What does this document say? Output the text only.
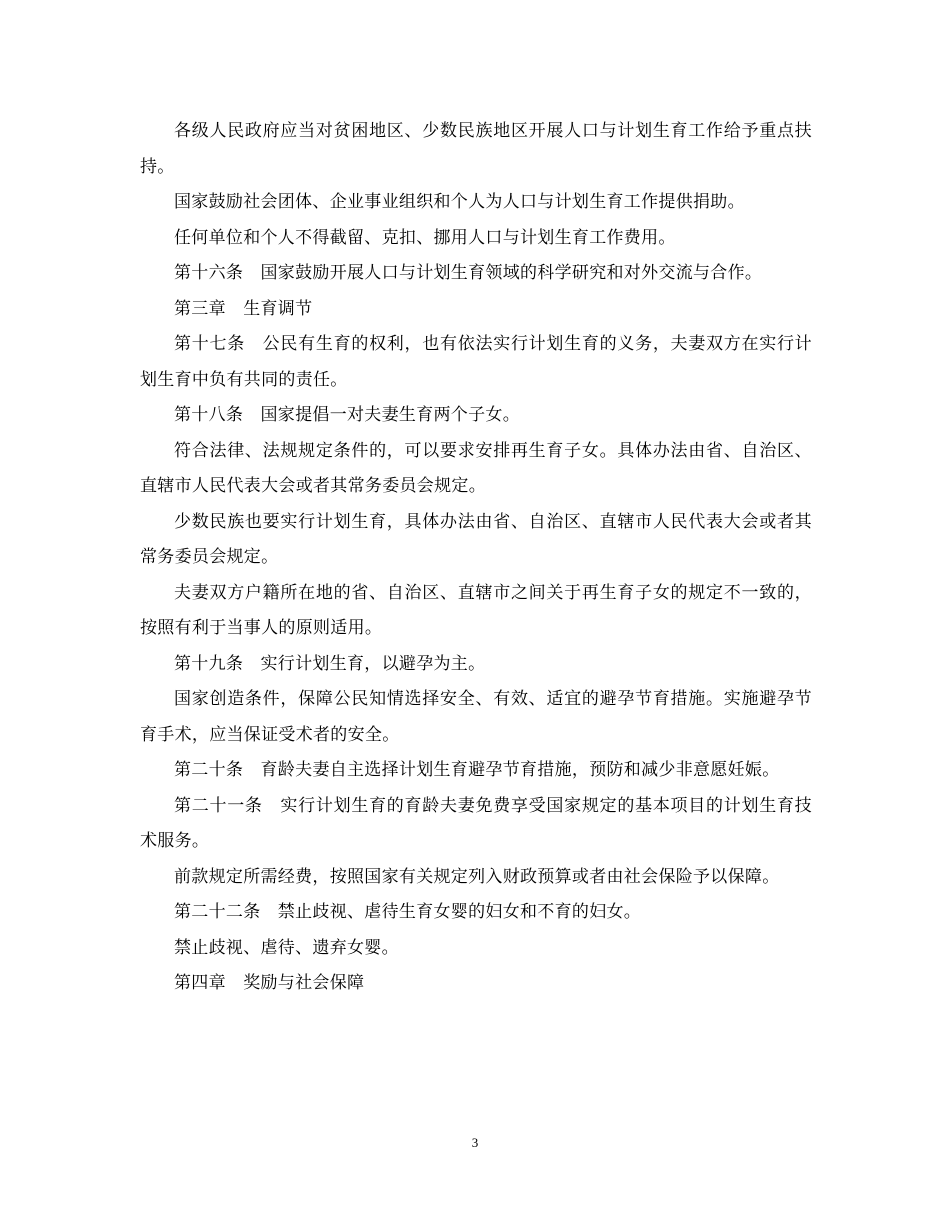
各级人民政府应当对贫困地区、少数民族地区开展人口与计划生育工作给予重点扶持。

国家鼓励社会团体、企业事业组织和个人为人口与计划生育工作提供捐助。

任何单位和个人不得截留、克扣、挪用人口与计划生育工作费用。

第十六条　国家鼓励开展人口与计划生育领域的科学研究和对外交流与合作。

第三章　生育调节

第十七条　公民有生育的权利，也有依法实行计划生育的义务，夫妻双方在实行计划生育中负有共同的责任。

第十八条　国家提倡一对夫妻生育两个子女。

符合法律、法规规定条件的，可以要求安排再生育子女。具体办法由省、自治区、直辖市人民代表大会或者其常务委员会规定。

少数民族也要实行计划生育，具体办法由省、自治区、直辖市人民代表大会或者其常务委员会规定。

夫妻双方户籍所在地的省、自治区、直辖市之间关于再生育子女的规定不一致的，按照有利于当事人的原则适用。

第十九条　实行计划生育，以避孕为主。

国家创造条件，保障公民知情选择安全、有效、适宜的避孕节育措施。实施避孕节育手术，应当保证受术者的安全。

第二十条　育龄夫妻自主选择计划生育避孕节育措施，预防和减少非意愿妊娠。

第二十一条　实行计划生育的育龄夫妻免费享受国家规定的基本项目的计划生育技术服务。

前款规定所需经费，按照国家有关规定列入财政预算或者由社会保险予以保障。

第二十二条　禁止歧视、虐待生育女婴的妇女和不育的妇女。

禁止歧视、虐待、遗弃女婴。

第四章　奖励与社会保障

3
